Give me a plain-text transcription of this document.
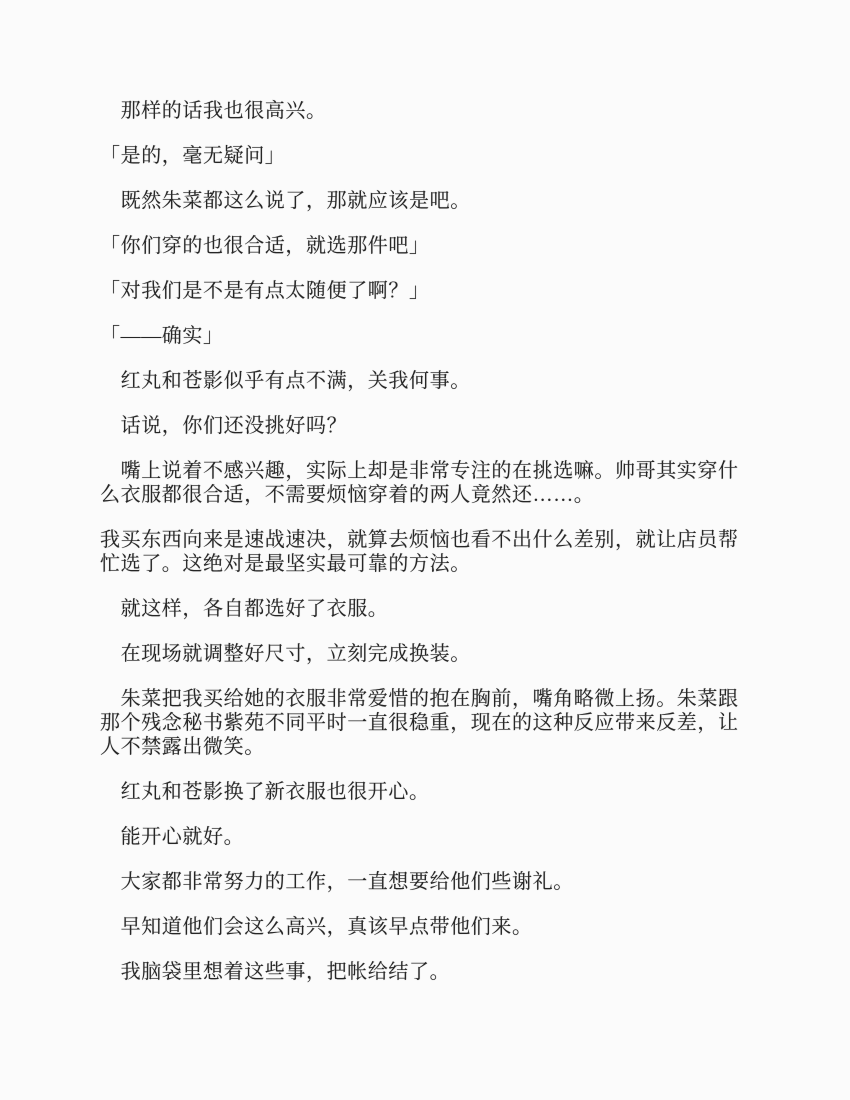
那样的话我也很高兴。

「是的，毫无疑问」

既然朱菜都这么说了，那就应该是吧。

「你们穿的也很合适，就选那件吧」

「对我们是不是有点太随便了啊？」

「——确实」

红丸和苍影似乎有点不满，关我何事。

话说，你们还没挑好吗？

嘴上说着不感兴趣，实际上却是非常专注的在挑选嘛。帅哥其实穿什么衣服都很合适，不需要烦恼穿着的两人竟然还……。

我买东西向来是速战速决，就算去烦恼也看不出什么差别，就让店员帮忙选了。这绝对是最坚实最可靠的方法。

就这样，各自都选好了衣服。

在现场就调整好尺寸，立刻完成换装。

朱菜把我买给她的衣服非常爱惜的抱在胸前，嘴角略微上扬。朱菜跟那个残念秘书紫苑不同平时一直很稳重，现在的这种反应带来反差，让人不禁露出微笑。

红丸和苍影换了新衣服也很开心。

能开心就好。

大家都非常努力的工作，一直想要给他们些谢礼。

早知道他们会这么高兴，真该早点带他们来。

我脑袋里想着这些事，把帐给结了。
